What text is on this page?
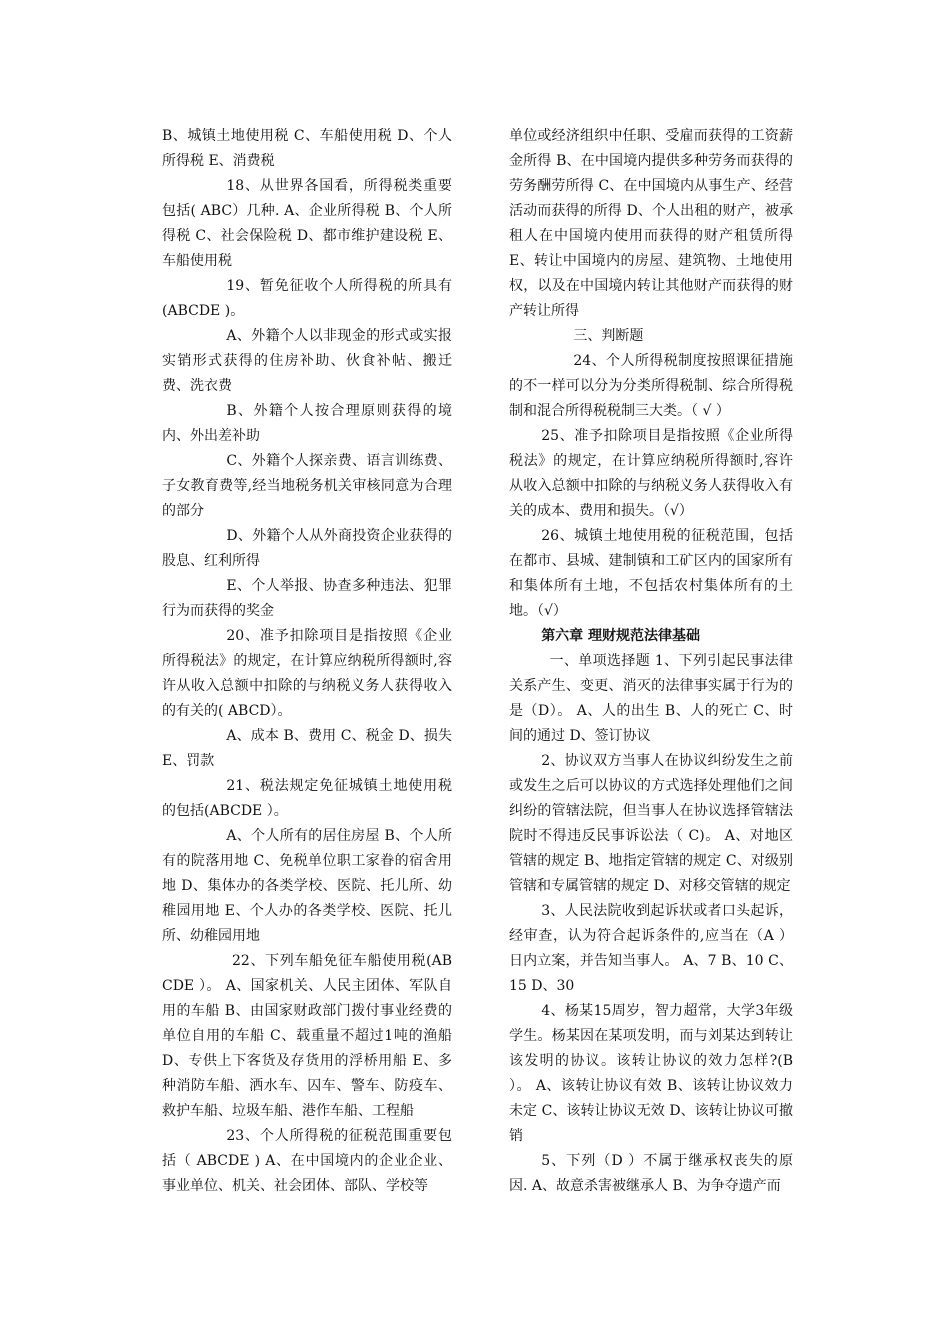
B、城镇土地使用税 C、车船使用税 D、个人所得税 E、消费税

18、从世界各国看，所得税类重要包括( ABC）几种. A、企业所得税 B、个人所得税 C、社会保险税 D、都市维护建设税 E、车船使用税

19、暂免征收个人所得税的所具有(ABCDE )。

A、外籍个人以非现金的形式或实报实销形式获得的住房补助、伙食补帖、搬迁费、洗衣费

B、外籍个人按合理原则获得的境内、外出差补助

C、外籍个人探亲费、语言训练费、子女教育费等,经当地税务机关审核同意为合理的部分

D、外籍个人从外商投资企业获得的股息、红利所得

E、个人举报、协查多种违法、犯罪行为而获得的奖金

20、准予扣除项目是指按照《企业所得税法》的规定，在计算应纳税所得额时,容许从收入总额中扣除的与纳税义务人获得收入的有关的( ABCD）。

A、成本 B、费用 C、税金 D、损失 E、罚款

21、税法规定免征城镇土地使用税的包括(ABCDE ）。

A、个人所有的居住房屋 B、个人所有的院落用地 C、免税单位职工家眷的宿舍用地 D、集体办的各类学校、医院、托儿所、幼稚园用地 E、个人办的各类学校、医院、托儿所、幼稚园用地

22、下列车船免征车船使用税(ABCDE ）。 A、国家机关、人民主团体、军队自用的车船 B、由国家财政部门拨付事业经费的单位自用的车船 C、载重量不超过1吨的渔船 D、专供上下客货及存货用的浮桥用船 E、多种消防车船、洒水车、囚车、警车、防疫车、救护车船、垃圾车船、港作车船、工程船

23、个人所得税的征税范围重要包括（ ABCDE ) A、在中国境内的企业企业、事业单位、机关、社会团体、部队、学校等

单位或经济组织中任职、受雇而获得的工资薪金所得 B、在中国境内提供多种劳务而获得的劳务酬劳所得 C、在中国境内从事生产、经营活动而获得的所得 D、个人出租的财产，被承租人在中国境内使用而获得的财产租赁所得 E、转让中国境内的房屋、建筑物、土地使用权，以及在中国境内转让其他财产而获得的财产转让所得

三、判断题

24、个人所得税制度按照课征措施的不一样可以分为分类所得税制、综合所得税制和混合所得税税制三大类。（ √ ）

25、准予扣除项目是指按照《企业所得税法》的规定，在计算应纳税所得额时,容许从收入总额中扣除的与纳税义务人获得收入有关的成本、费用和损失。（√）

26、城镇土地使用税的征税范围，包括在都市、县城、建制镇和工矿区内的国家所有和集体所有土地，不包括农村集体所有的土地。（√）

第六章 理财规范法律基础

一、单项选择题 1、下列引起民事法律关系产生、变更、消灭的法律事实属于行为的是（D）。 A、人的出生 B、人的死亡 C、时间的通过 D、签订协议

2、协议双方当事人在协议纠纷发生之前或发生之后可以协议的方式选择处理他们之间纠纷的管辖法院，但当事人在协议选择管辖法院时不得违反民事诉讼法（ C)。 A、对地区管辖的规定 B、地指定管辖的规定 C、对级别管辖和专属管辖的规定 D、对移交管辖的规定

3、人民法院收到起诉状或者口头起诉，经审查，认为符合起诉条件的,应当在（A ）日内立案，并告知当事人。 A、7 B、10 C、15 D、30

4、杨某15周岁，智力超常，大学3年级学生。杨某因在某项发明，而与刘某达到转让该发明的协议。该转让协议的效力怎样?(B ）。 A、该转让协议有效 B、该转让协议效力未定 C、该转让协议无效 D、该转让协议可撤销

5、下列（D ）不属于继承权丧失的原因. A、故意杀害被继承人 B、为争夺遗产而
